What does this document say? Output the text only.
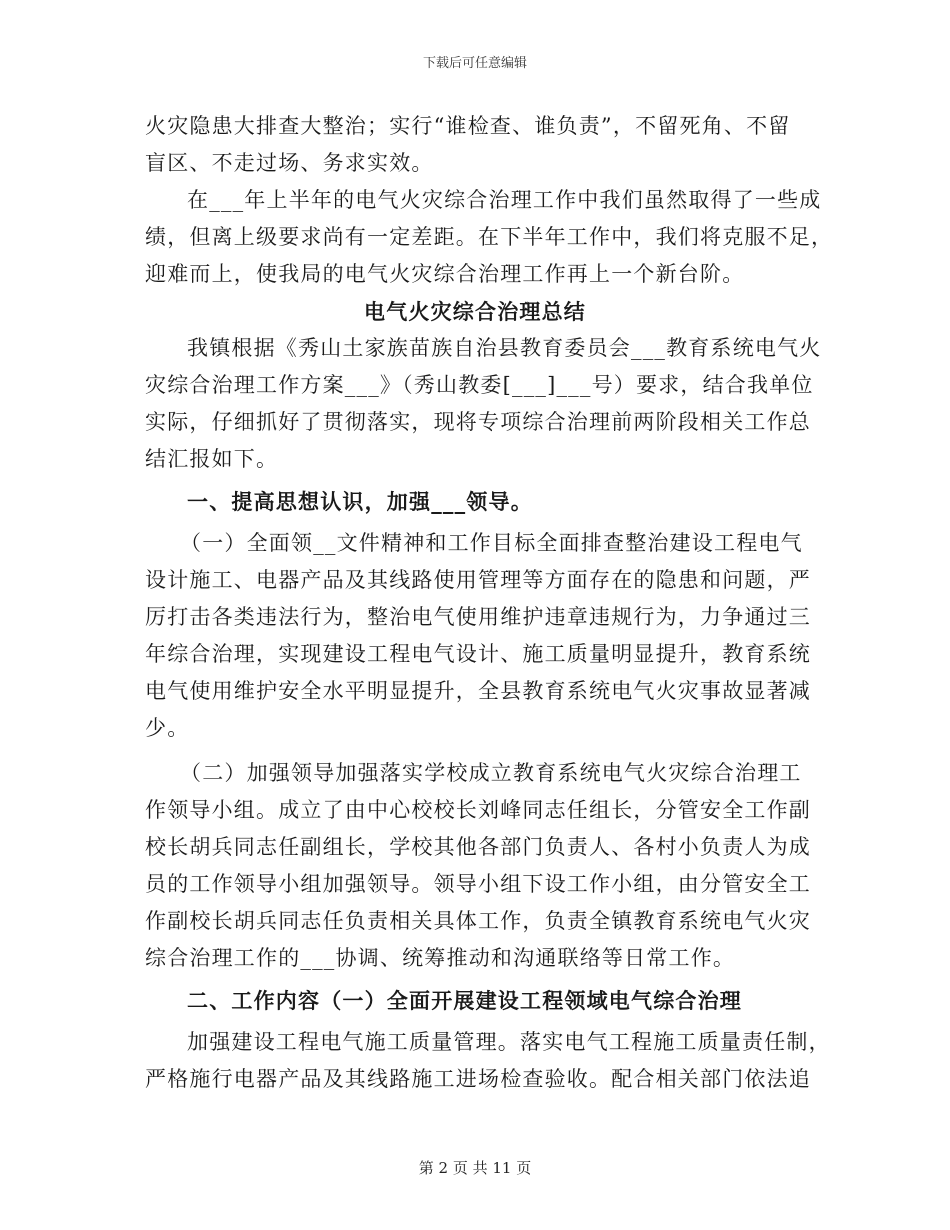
下载后可任意编辑
火灾隐患大排查大整治；实行“谁检查、谁负责”，不留死角、不留
盲区、不走过场、务求实效。
在___年上半年的电气火灾综合治理工作中我们虽然取得了一些成
绩，但离上级要求尚有一定差距。在下半年工作中，我们将克服不足，
迎难而上，使我局的电气火灾综合治理工作再上一个新台阶。
电气火灾综合治理总结
我镇根据《秀山土家族苗族自治县教育委员会___教育系统电气火
灾综合治理工作方案___》（秀山教委[___]___号）要求，结合我单位
实际，仔细抓好了贯彻落实，现将专项综合治理前两阶段相关工作总
结汇报如下。
一、提高思想认识，加强___领导。
（一）全面领__文件精神和工作目标全面排查整治建设工程电气
设计施工、电器产品及其线路使用管理等方面存在的隐患和问题，严
厉打击各类违法行为，整治电气使用维护违章违规行为，力争通过三
年综合治理，实现建设工程电气设计、施工质量明显提升，教育系统
电气使用维护安全水平明显提升，全县教育系统电气火灾事故显著减
少。
（二）加强领导加强落实学校成立教育系统电气火灾综合治理工
作领导小组。成立了由中心校校长刘峰同志任组长，分管安全工作副
校长胡兵同志任副组长，学校其他各部门负责人、各村小负责人为成
员的工作领导小组加强领导。领导小组下设工作小组，由分管安全工
作副校长胡兵同志任负责相关具体工作，负责全镇教育系统电气火灾
综合治理工作的___协调、统筹推动和沟通联络等日常工作。
二、工作内容（一）全面开展建设工程领域电气综合治理
加强建设工程电气施工质量管理。落实电气工程施工质量责任制，
严格施行电器产品及其线路施工进场检查验收。配合相关部门依法追
第 2 页 共 11 页
